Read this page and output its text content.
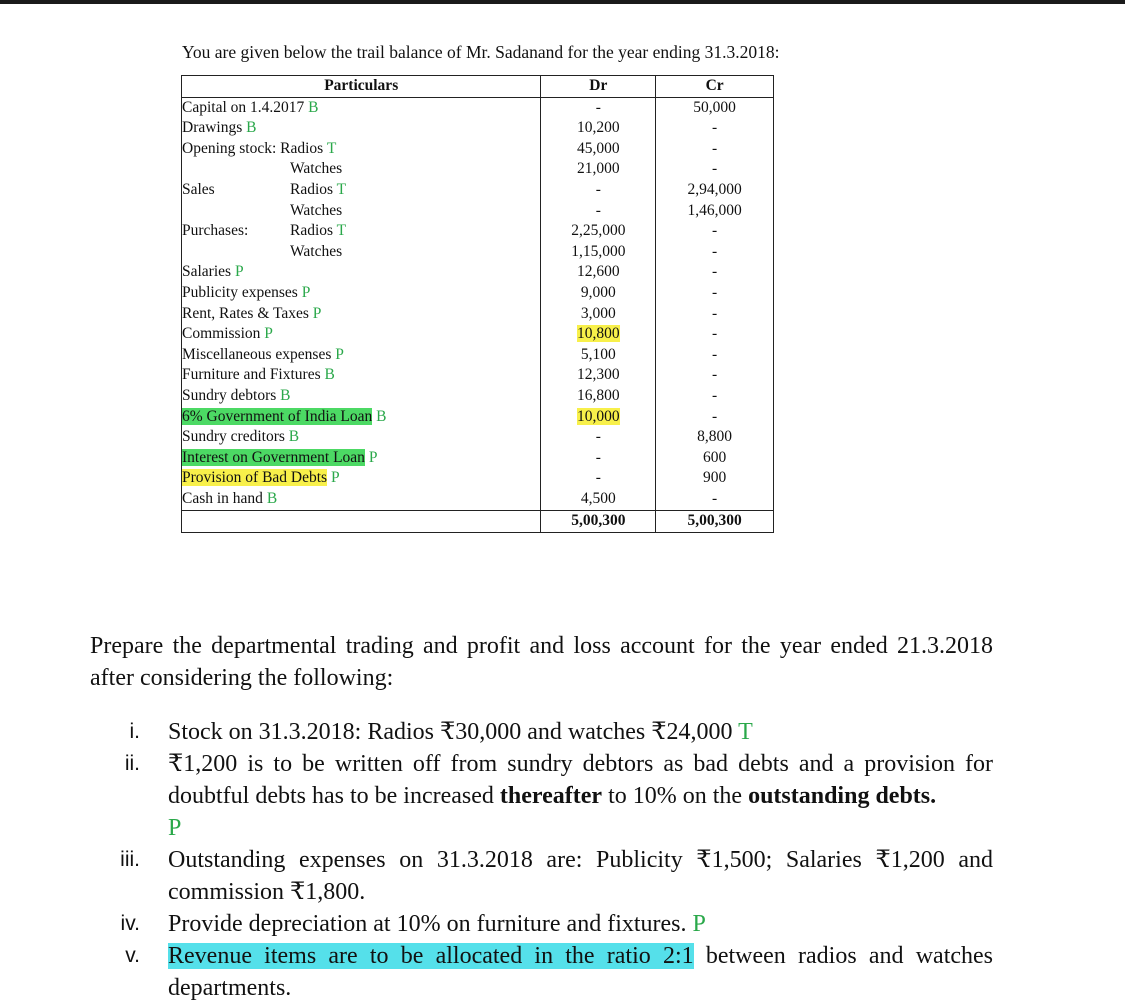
You are given below the trail balance of Mr. Sadanand for the year ending 31.3.2018:
Particulars	Dr	Cr
Capital on 1.4.2017 B	-	50,000
Drawings B	10,200	-
Opening stock: Radios T	45,000	-
Watches	21,000	-
Sales Radios T	-	2,94,000
Watches	-	1,46,000
Purchases: Radios T	2,25,000	-
Watches	1,15,000	-
Salaries P	12,600	-
Publicity expenses P	9,000	-
Rent, Rates & Taxes P	3,000	-
Commission P	10,800	-
Miscellaneous expenses P	5,100	-
Furniture and Fixtures B	12,300	-
Sundry debtors B	16,800	-
6% Government of India Loan B	10,000	-
Sundry creditors B	-	8,800
Interest on Government Loan P	-	600
Provision of Bad Debts P	-	900
Cash in hand B	4,500	-
	5,00,300	5,00,300
Prepare the departmental trading and profit and loss account for the year ended 21.3.2018 after considering the following:
i. Stock on 31.3.2018: Radios ₹30,000 and watches ₹24,000 T
ii. ₹1,200 is to be written off from sundry debtors as bad debts and a provision for doubtful debts has to be increased thereafter to 10% on the outstanding debts.
P
iii. Outstanding expenses on 31.3.2018 are: Publicity ₹1,500; Salaries ₹1,200 and commission ₹1,800.
iv. Provide depreciation at 10% on furniture and fixtures. P
v. Revenue items are to be allocated in the ratio 2:1 between radios and watches departments.
